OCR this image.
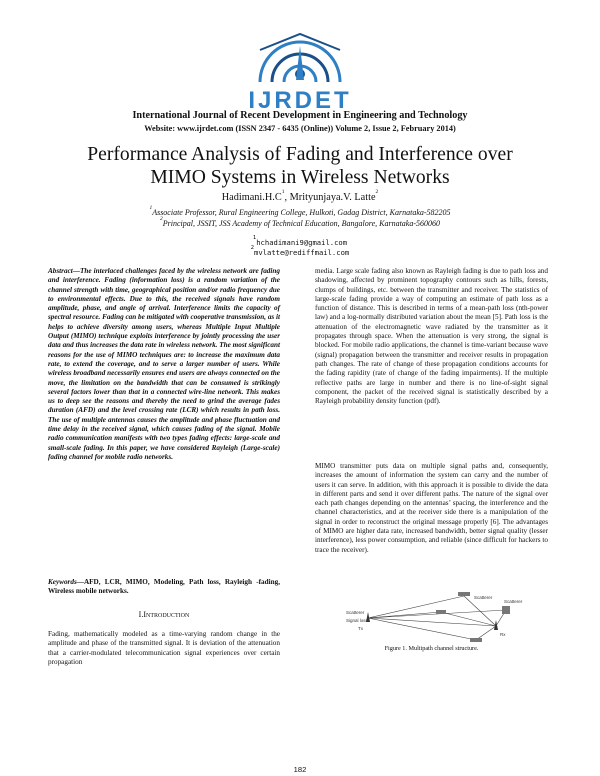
IJRDET
International Journal of Recent Development in Engineering and Technology
Website: www.ijrdet.com (ISSN 2347 - 6435 (Online)) Volume 2, Issue 2, February 2014)
Performance Analysis of Fading and Interference over
MIMO Systems in Wireless Networks
$Hadimani.H.C^1$, Mrityunjaya.V. Latte$^2$
$^1$Associate Professor, Rural Engineering College, Hulkoti, Gadag District, Karnataka-582205
$^2$Principal, JSSIT, JSS Academy of Technical Education, Bangalore, Karnataka-560060
$^1$hchadimani9@gmail.com
$^2$mvlatte@rediffmail.com
Abstract—The interlaced challenges faced by the wireless network are fading and interference. Fading (information loss) is a random variation of the channel strength with time, geographical position and/or radio frequency due to environmental effects. Due to this, the received signals have random amplitude, phase, and angle of arrival. Interference limits the capacity of spectral resource. Fading can be mitigated with cooperative transmission, as it helps to achieve diversity among users, whereas Multiple Input Multiple Output (MIMO) technique exploits interference by jointly processing the user data and thus increases the data rate in wireless network. The most significant reasons for the use of MIMO techniques are: to increase the maximum data rate, to extend the coverage, and to serve a larger number of users. While wireless broadband necessarily ensures end users are always connected on the move, the limitation on the bandwidth that can be consumed is strikingly several factors lower than that in a connected wire-line network. This makes us to deep see the reasons and thereby the need to grind the average fades duration (AFD) and the level crossing rate (LCR) which results in path loss. The use of multiple antennas causes the amplitude and phase fluctuation and time delay in the received signal, which causes fading of the signal. Mobile radio communication manifests with two types fading effects: large-scale and small-scale fading. In this paper, we have considered Rayleigh (Large-scale) fading channel for mobile radio networks.
Keywords—AFD, LCR, MIMO, Modeling, Path loss, Rayleigh -fading, Wireless mobile networks.
I.Introduction
Fading, mathematically modeled as a time-varying random change in the amplitude and phase of the transmitted signal. It is deviation of the attenuation that a carrier-modulated telecommunication signal experiences over certain propagation
media. Large scale fading also known as Rayleigh fading is due to path loss and shadowing, affected by prominent topography contours such as hills, forests, clumps of buildings, etc. between the transmitter and receiver. The statistics of large-scale fading provide a way of computing an estimate of path loss as a function of distance. This is described in terms of a mean-path loss (nth-power law) and a log-normally distributed variation about the mean [5]. Path loss is the attenuation of the electromagnetic wave radiated by the transmitter as it propagates through space. When the attenuation is very strong, the signal is blocked. For mobile radio applications, the channel is time-variant because wave (signal) propagation between the transmitter and receiver results in propagation path changes. The rate of change of these propagation conditions accounts for the fading rapidity (rate of change of the fading impairments). If the multiple reflective paths are large in number and there is no line-of-sight signal component, the packet of the received signal is statistically described by a Rayleigh probability density function (pdf).
MIMO transmitter puts data on multiple signal paths and, consequently, increases the amount of information the system can carry and the number of users it can serve. In addition, with this approach it is possible to divide the data in different parts and send it over different paths. The nature of the signal over each path changes depending on the antennas’ spacing, the interference and the channel characteristics, and at the receiver side there is a manipulation of the signal in order to reconstruct the original message properly [6]. The advantages of MIMO are higher data rate, increased bandwidth, better signal quality (lesser interference), less power consumption, and reliable (since difficult for hackers to trace the receiver).
Scatterer
Scatterer
Scatterer
Tx
Signal loss
Rx
Figure 1. Multipath channel structure.
182
